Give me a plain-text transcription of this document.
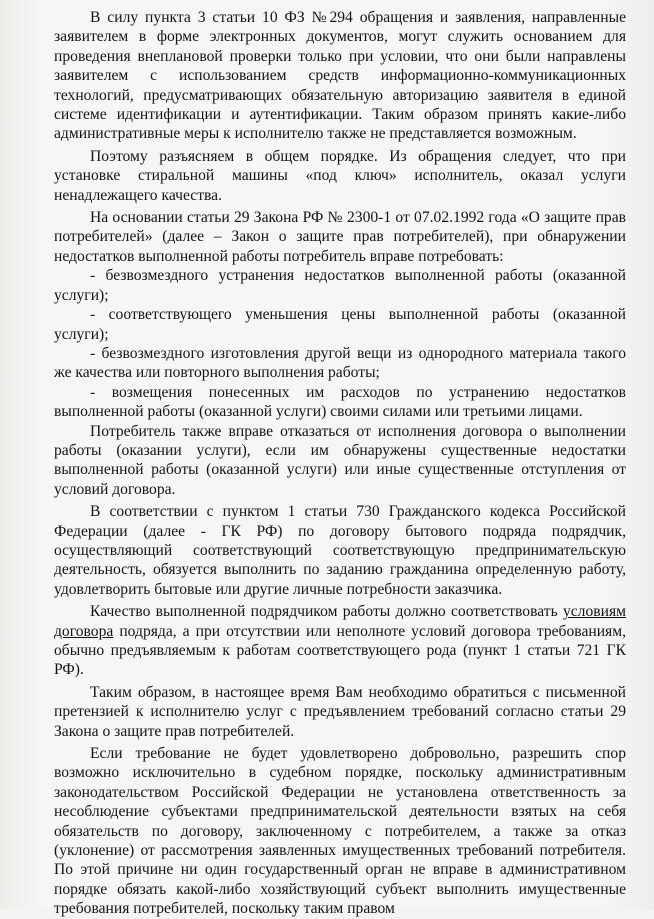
В силу пункта 3 статьи 10 ФЗ №294 обращения и заявления, направленные заявителем в форме электронных документов, могут служить основанием для проведения внеплановой проверки только при условии, что они были направлены заявителем с использованием средств информационно-коммуникационных технологий, предусматривающих обязательную авторизацию заявителя в единой системе идентификации и аутентификации. Таким образом принять какие-либо административные меры к исполнителю также не представляется возможным.

Поэтому разъясняем в общем порядке. Из обращения следует, что при установке стиральной машины «под ключ» исполнитель, оказал услуги ненадлежащего качества.

На основании статьи 29 Закона РФ № 2300-1 от 07.02.1992 года «О защите прав потребителей» (далее – Закон о защите прав потребителей), при обнаружении недостатков выполненной работы потребитель вправе потребовать:

- безвозмездного устранения недостатков выполненной работы (оказанной услуги);

- соответствующего уменьшения цены выполненной работы (оказанной услуги);

- безвозмездного изготовления другой вещи из однородного материала такого же качества или повторного выполнения работы;

- возмещения понесенных им расходов по устранению недостатков выполненной работы (оказанной услуги) своими силами или третьими лицами.

Потребитель также вправе отказаться от исполнения договора о выполнении работы (оказании услуги), если им обнаружены существенные недостатки выполненной работы (оказанной услуги) или иные существенные отступления от условий договора.

В соответствии с пунктом 1 статьи 730 Гражданского кодекса Российской Федерации (далее - ГК РФ) по договору бытового подряда подрядчик, осуществляющий соответствующий соответствующую предпринимательскую деятельность, обязуется выполнить по заданию гражданина определенную работу, удовлетворить бытовые или другие личные потребности заказчика.

Качество выполненной подрядчиком работы должно соответствовать условиям договора подряда, а при отсутствии или неполноте условий договора требованиям, обычно предъявляемым к работам соответствующего рода (пункт 1 статьи 721 ГК РФ).

Таким образом, в настоящее время Вам необходимо обратиться с письменной претензией к исполнителю услуг с предъявлением требований согласно статьи 29 Закона о защите прав потребителей.

Если требование не будет удовлетворено добровольно, разрешить спор возможно исключительно в судебном порядке, поскольку административным законодательством Российской Федерации не установлена ответственность за несоблюдение субъектами предпринимательской деятельности взятых на себя обязательств по договору, заключенному с потребителем, а также за отказ (уклонение) от рассмотрения заявленных имущественных требований потребителя. По этой причине ни один государственный орган не вправе в административном порядке обязать какой-либо хозяйствующий субъект выполнить имущественные требования потребителей, поскольку таким правом
